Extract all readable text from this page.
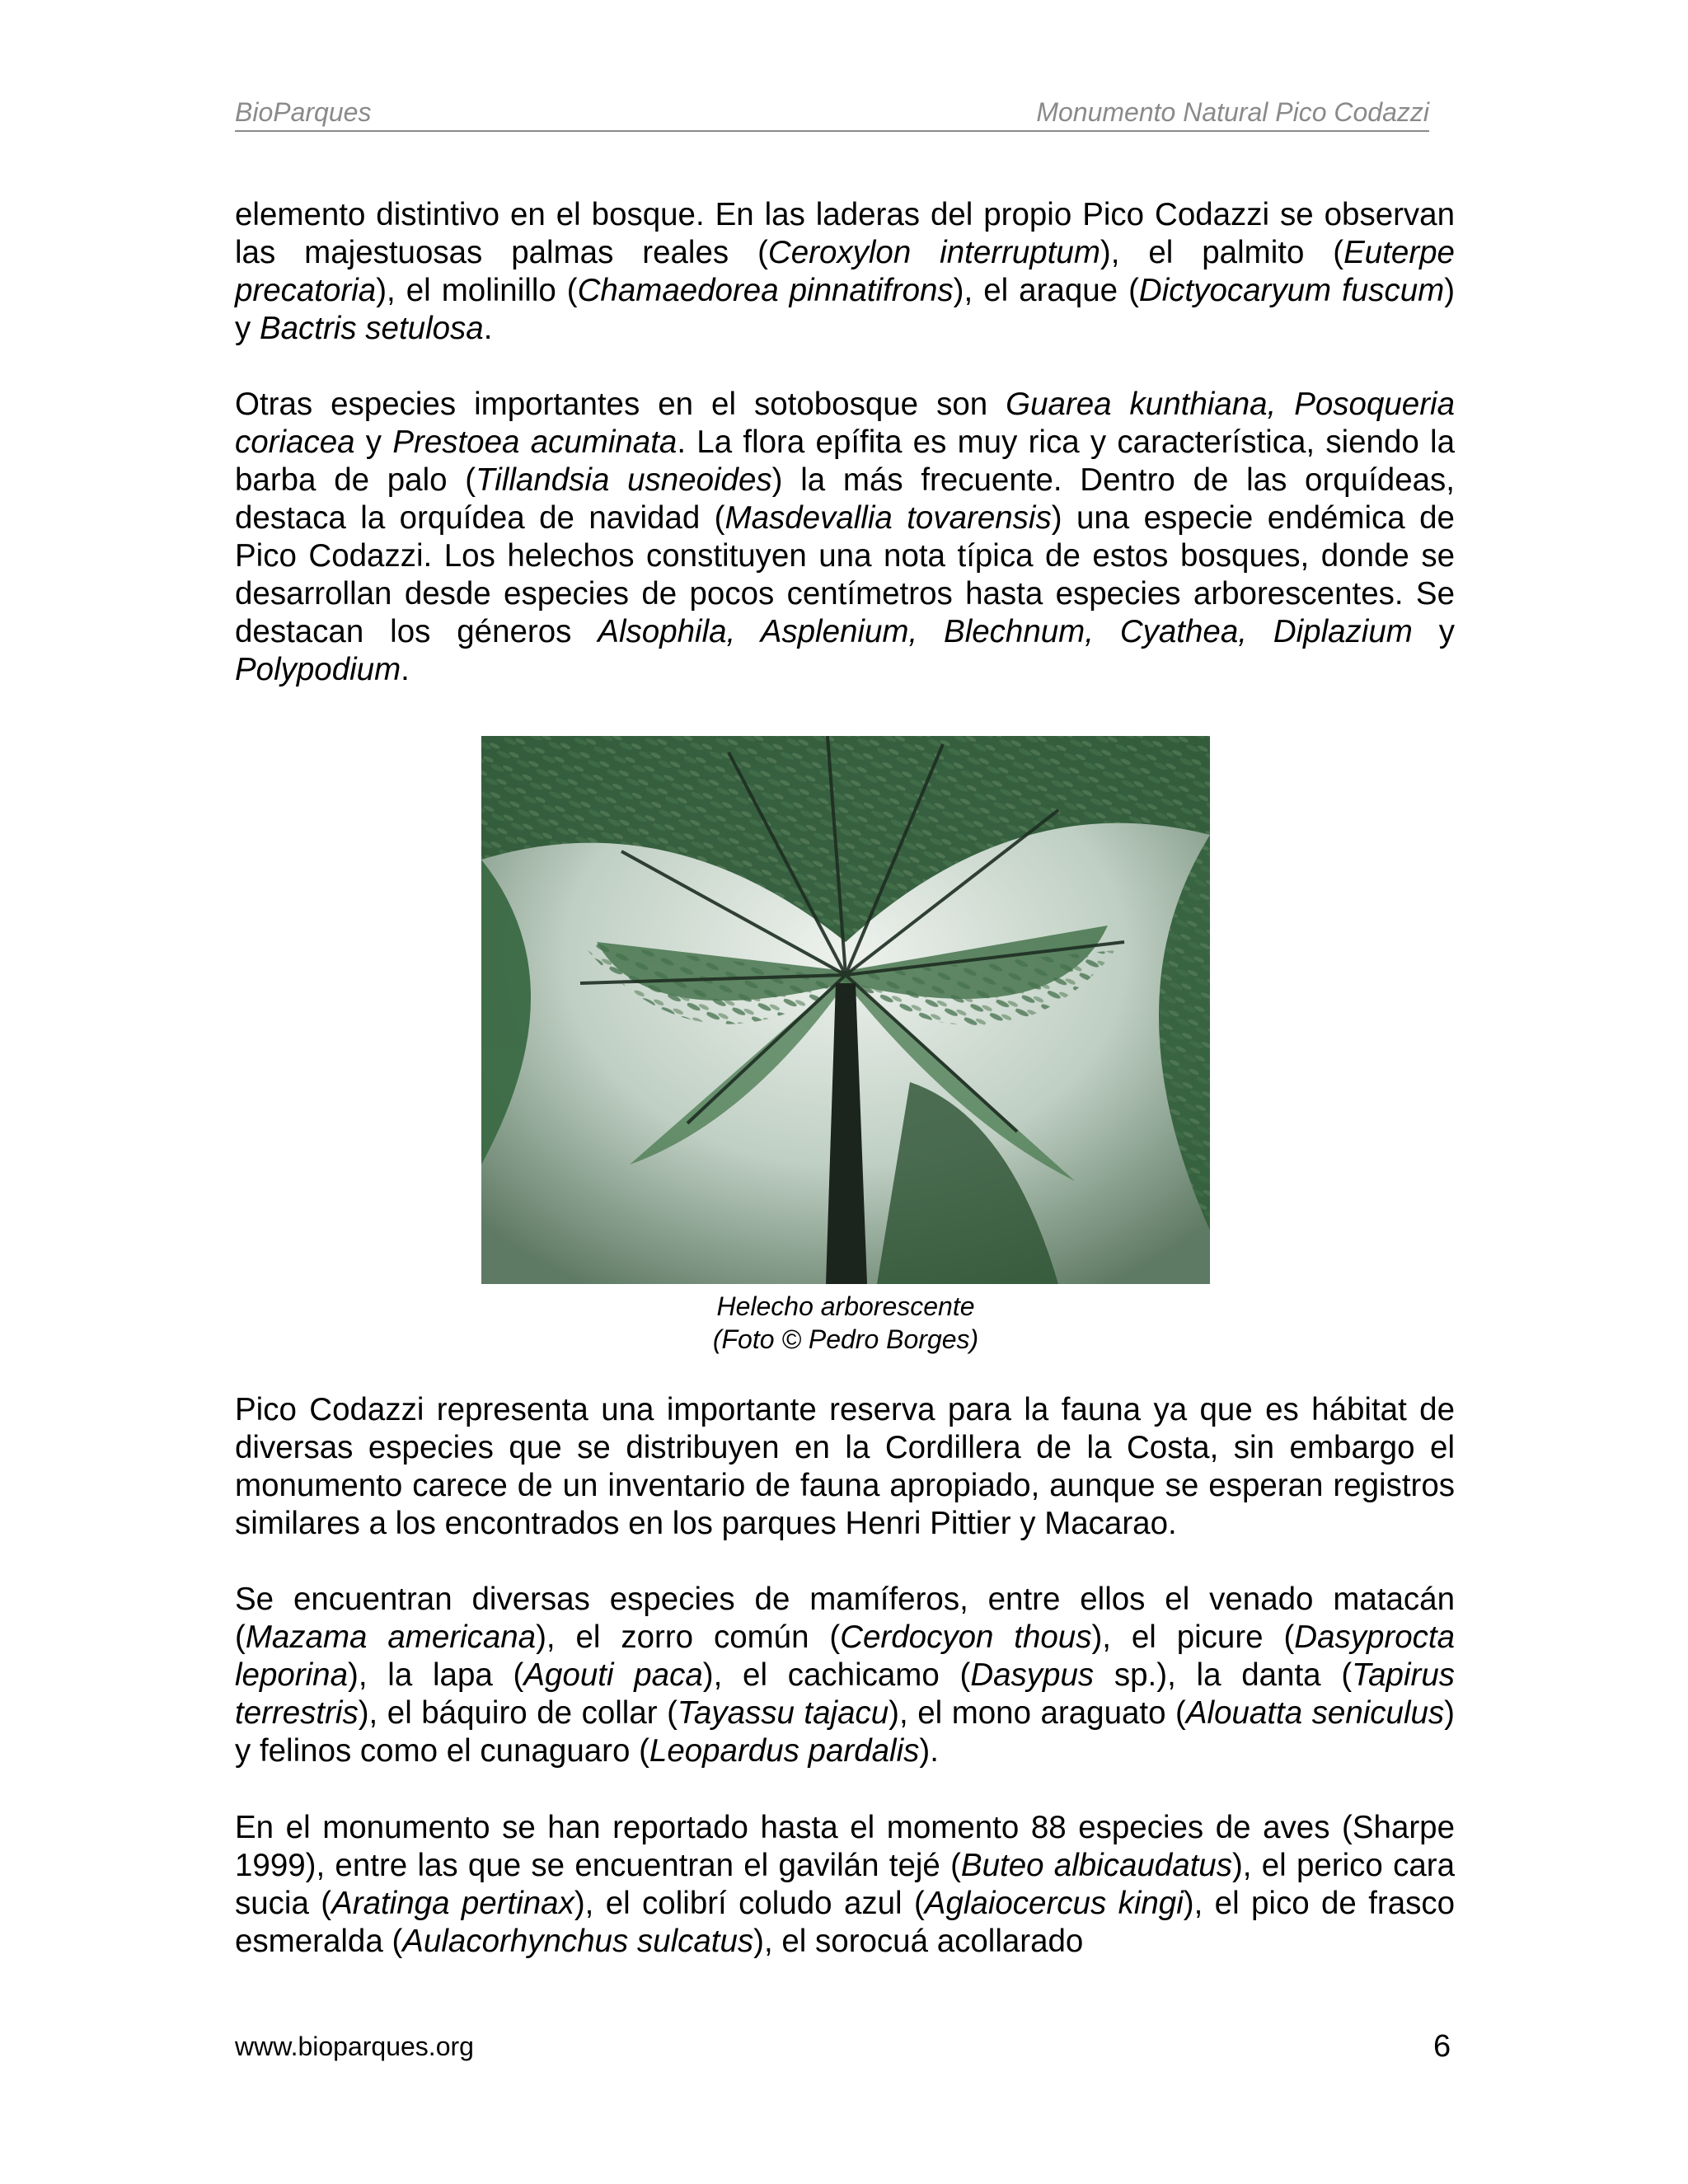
BioParques	Monumento Natural Pico Codazzi
elemento distintivo en el bosque. En las laderas del propio Pico Codazzi se observan las majestuosas palmas reales (Ceroxylon interruptum), el palmito (Euterpe precatoria), el molinillo (Chamaedorea pinnatifrons), el araque (Dictyocaryum fuscum) y Bactris setulosa.
Otras especies importantes en el sotobosque son Guarea kunthiana, Posoqueria coriacea y Prestoea acuminata. La flora epífita es muy rica y característica, siendo la barba de palo (Tillandsia usneoides) la más frecuente. Dentro de las orquídeas, destaca la orquídea de navidad (Masdevallia tovarensis) una especie endémica de Pico Codazzi. Los helechos constituyen una nota típica de estos bosques, donde se desarrollan desde especies de pocos centímetros hasta especies arborescentes. Se destacan los géneros Alsophila, Asplenium, Blechnum, Cyathea, Diplazium y Polypodium.
Helecho arborescente
(Foto © Pedro Borges)
Pico Codazzi representa una importante reserva para la fauna ya que es hábitat de diversas especies que se distribuyen en la Cordillera de la Costa, sin embargo el monumento carece de un inventario de fauna apropiado, aunque se esperan registros similares a los encontrados en los parques Henri Pittier y Macarao.
Se encuentran diversas especies de mamíferos, entre ellos el venado matacán (Mazama americana), el zorro común (Cerdocyon thous), el picure (Dasyprocta leporina), la lapa (Agouti paca), el cachicamo (Dasypus sp.), la danta (Tapirus terrestris), el báquiro de collar (Tayassu tajacu), el mono araguato (Alouatta seniculus) y felinos como el cunaguaro (Leopardus pardalis).
En el monumento se han reportado hasta el momento 88 especies de aves (Sharpe 1999), entre las que se encuentran el gavilán tejé (Buteo albicaudatus), el perico cara sucia (Aratinga pertinax), el colibrí coludo azul (Aglaiocercus kingi), el pico de frasco esmeralda (Aulacorhynchus sulcatus), el sorocuá acollarado
www.bioparques.org	6
